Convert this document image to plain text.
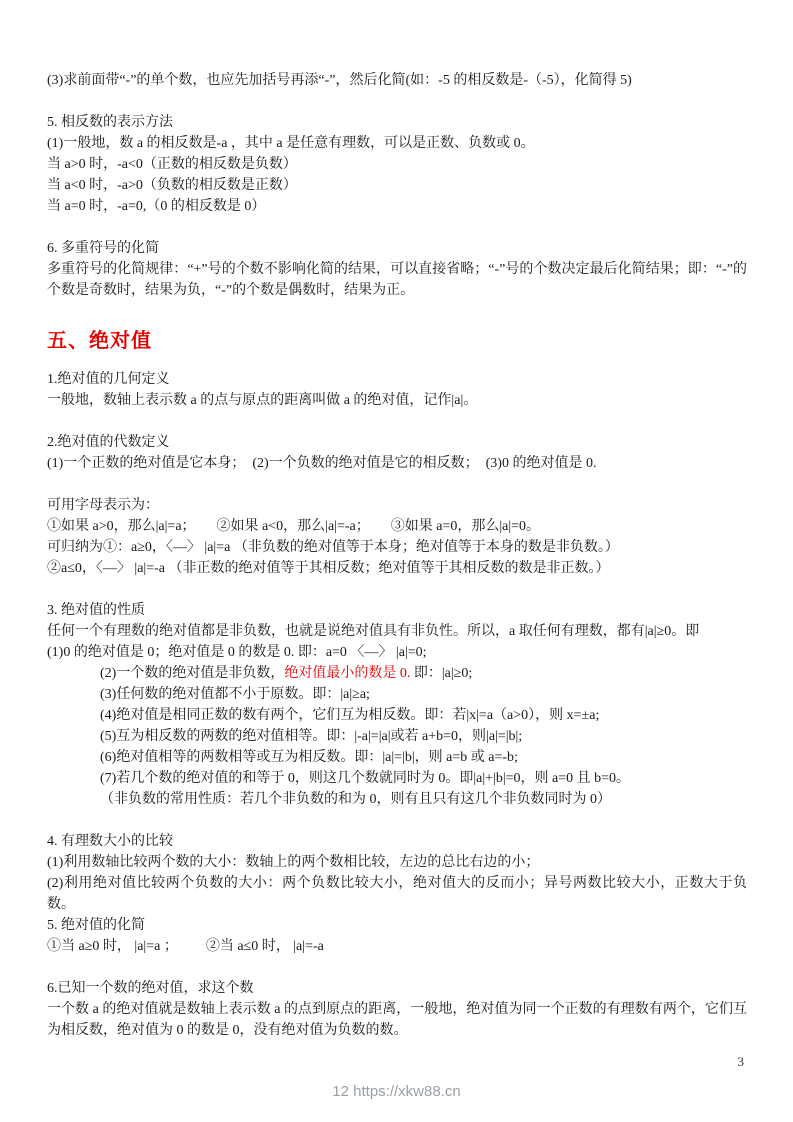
(3)求前面带“-”的单个数，也应先加括号再添“-”，然后化简(如：-5 的相反数是-（-5），化简得 5)

5. 相反数的表示方法

(1)一般地，数 a 的相反数是-a ，其中 a 是任意有理数，可以是正数、负数或 0。

当 a>0 时，-a<0（正数的相反数是负数）

当 a<0 时，-a>0（负数的相反数是正数）

当 a=0 时，-a=0,（0 的相反数是 0）

6. 多重符号的化简

多重符号的化简规律：“+”号的个数不影响化简的结果，可以直接省略；“-”号的个数决定最后化简结果；即：“-”的个数是奇数时，结果为负，“-”的个数是偶数时，结果为正。

五、绝对值

1.绝对值的几何定义

一般地，数轴上表示数 a 的点与原点的距离叫做 a 的绝对值，记作|a|。

2.绝对值的代数定义

(1)一个正数的绝对值是它本身；  (2)一个负数的绝对值是它的相反数；  (3)0 的绝对值是 0.

可用字母表示为：

①如果 a>0，那么|a|=a；      ②如果 a<0，那么|a|=-a；      ③如果 a=0，那么|a|=0。

可归纳为①：a≥0，〈—〉 |a|=a （非负数的绝对值等于本身；绝对值等于本身的数是非负数。）

②a≤0，〈—〉 |a|=-a （非正数的绝对值等于其相反数；绝对值等于其相反数的数是非正数。）

3. 绝对值的性质

任何一个有理数的绝对值都是非负数，也就是说绝对值具有非负性。所以，a 取任何有理数，都有|a|≥0。即

(1)0 的绝对值是 0；绝对值是 0 的数是 0. 即：a=0 〈—〉 |a|=0;

(2)一个数的绝对值是非负数，绝对值最小的数是 0. 即：|a|≥0;

(3)任何数的绝对值都不小于原数。即：|a|≥a;

(4)绝对值是相同正数的数有两个，它们互为相反数。即：若|x|=a（a>0），则 x=±a;

(5)互为相反数的两数的绝对值相等。即：|-a|=|a|或若 a+b=0，则|a|=|b|;

(6)绝对值相等的两数相等或互为相反数。即：|a|=|b|，则 a=b 或 a=-b;

(7)若几个数的绝对值的和等于 0，则这几个数就同时为 0。即|a|+|b|=0，则 a=0 且 b=0。

（非负数的常用性质：若几个非负数的和为 0，则有且只有这几个非负数同时为 0）

4. 有理数大小的比较

(1)利用数轴比较两个数的大小：数轴上的两个数相比较，左边的总比右边的小；

(2)利用绝对值比较两个负数的大小：两个负数比较大小，绝对值大的反而小；异号两数比较大小，正数大于负数。

5. 绝对值的化简

①当 a≥0 时， |a|=a ；        ②当 a≤0 时， |a|=-a

6.已知一个数的绝对值，求这个数

一个数 a 的绝对值就是数轴上表示数 a 的点到原点的距离，一般地，绝对值为同一个正数的有理数有两个，它们互为相反数，绝对值为 0 的数是 0，没有绝对值为负数的数。

3
12 https://xkw88.cn
